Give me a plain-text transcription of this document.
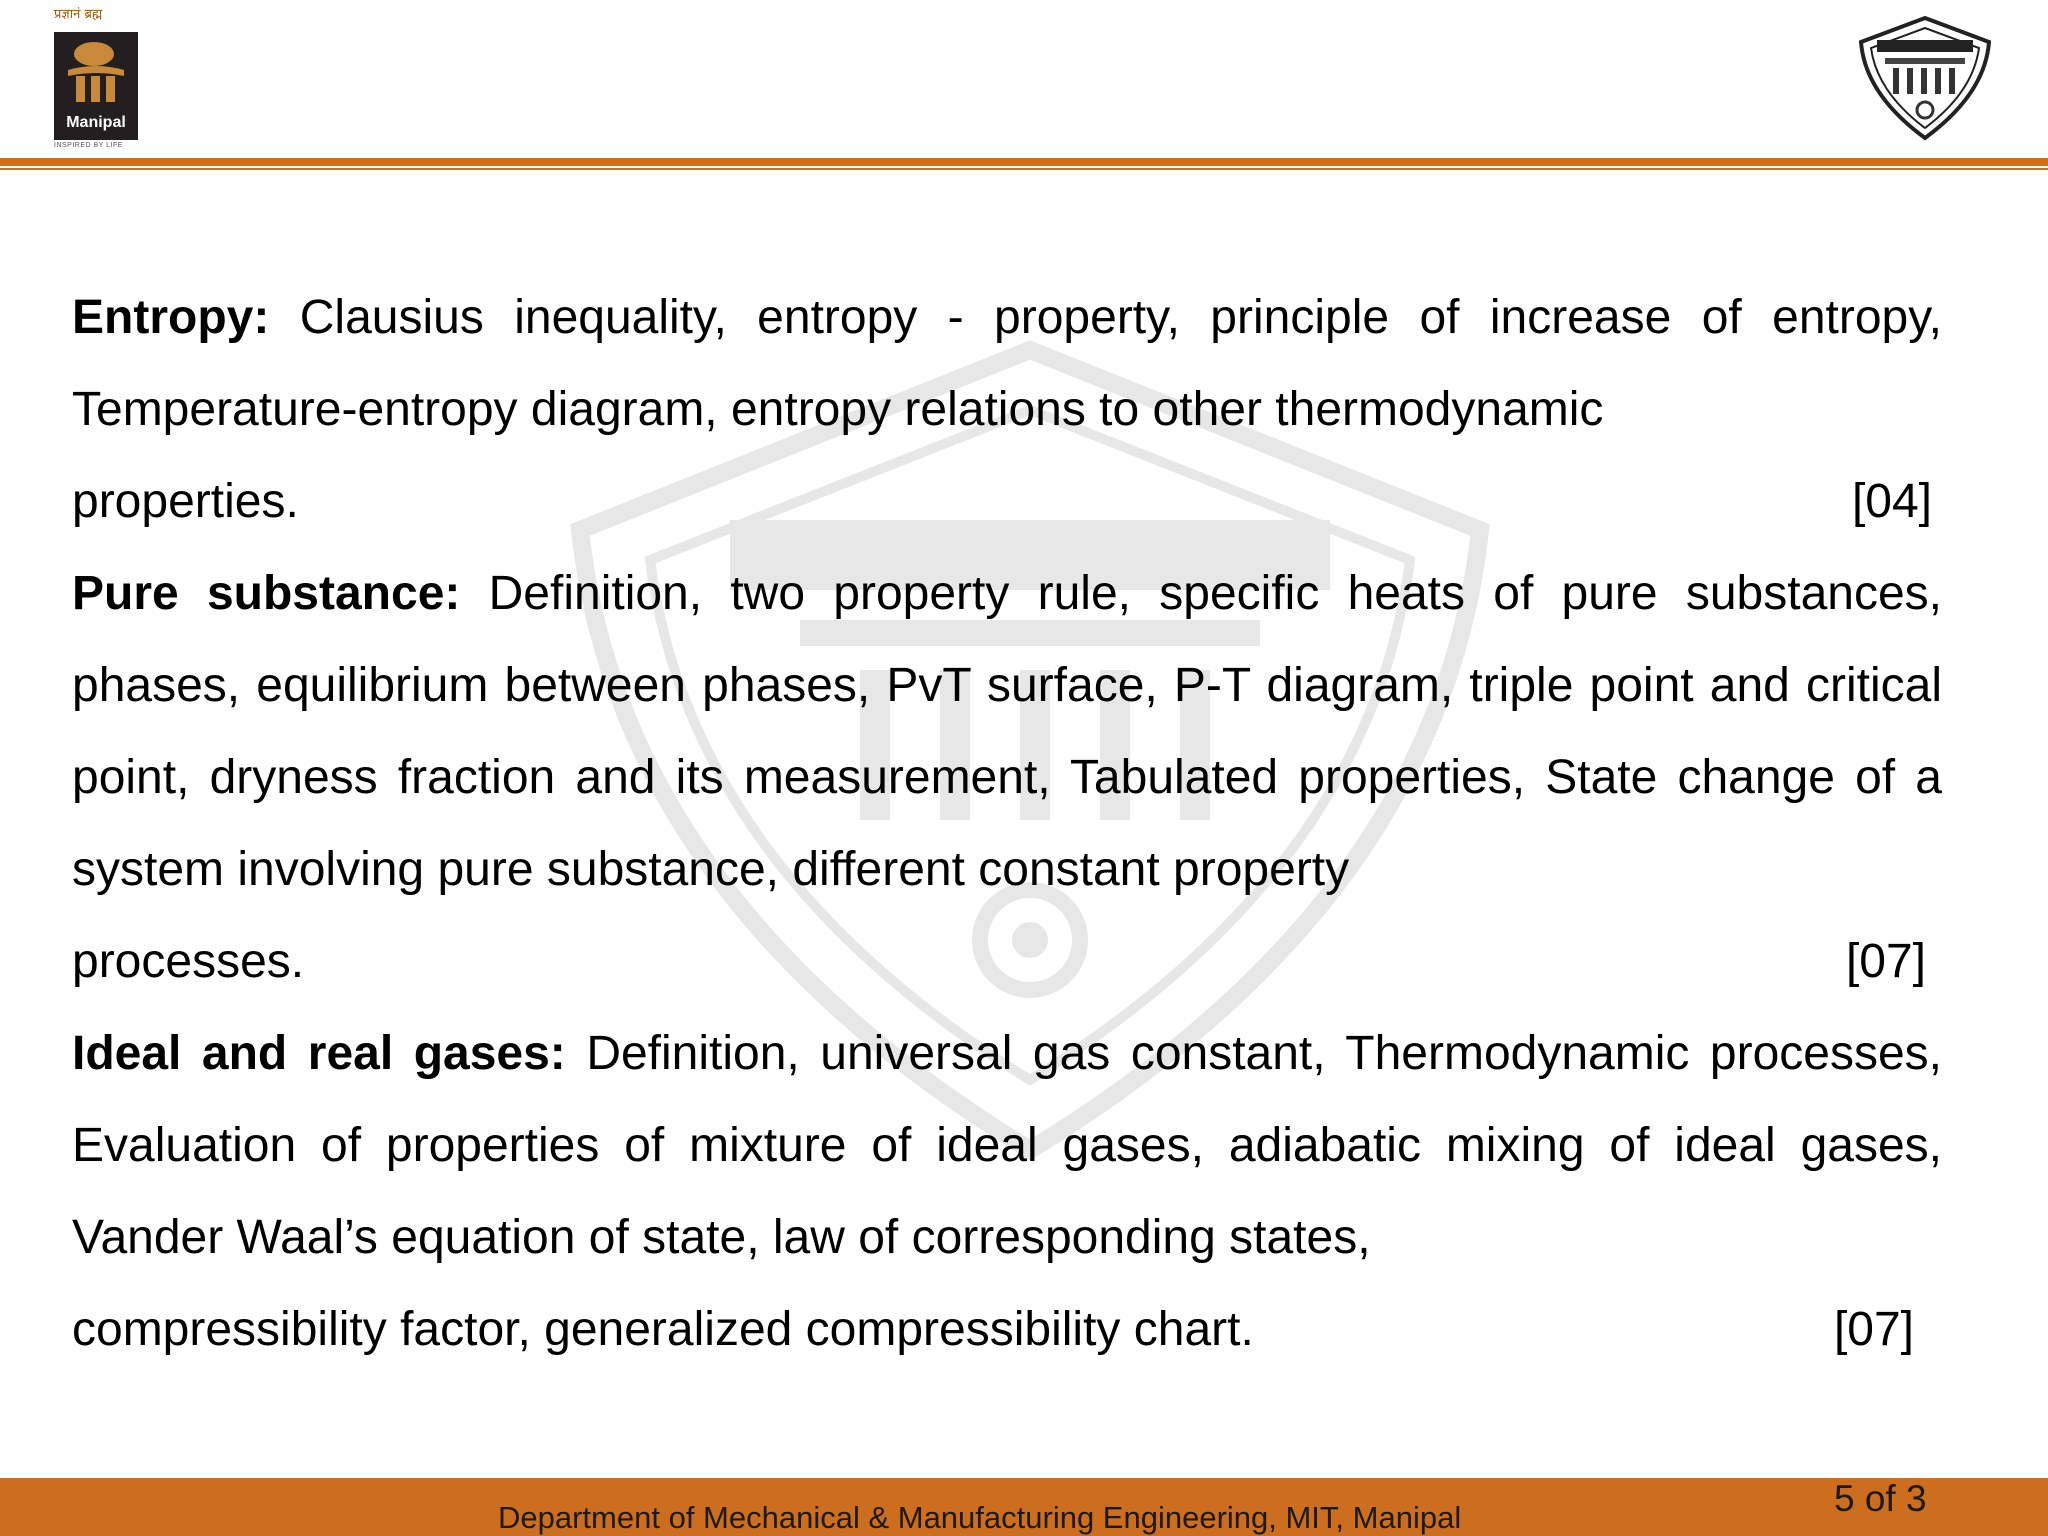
प्रज्ञानं ब्रह्म
Manipal
INSPIRED BY LIFE

Entropy: Clausius inequality, entropy - property, principle of increase of entropy, Temperature-entropy diagram, entropy relations to other thermodynamic

properties.	[04]

Pure substance: Definition, two property rule, specific heats of pure substances, phases, equilibrium between phases, PvT surface, P-T diagram, triple point and critical point, dryness fraction and its measurement, Tabulated properties, State change of a system involving pure substance, different constant property

processes.	[07]

Ideal and real gases: Definition, universal gas constant, Thermodynamic processes, Evaluation of properties of mixture of ideal gases, adiabatic mixing of ideal gases, Vander Waal’s equation of state, law of corresponding states,

compressibility factor, generalized compressibility chart.	[07]
Department of Mechanical & Manufacturing Engineering, MIT, Manipal	5 of 3
